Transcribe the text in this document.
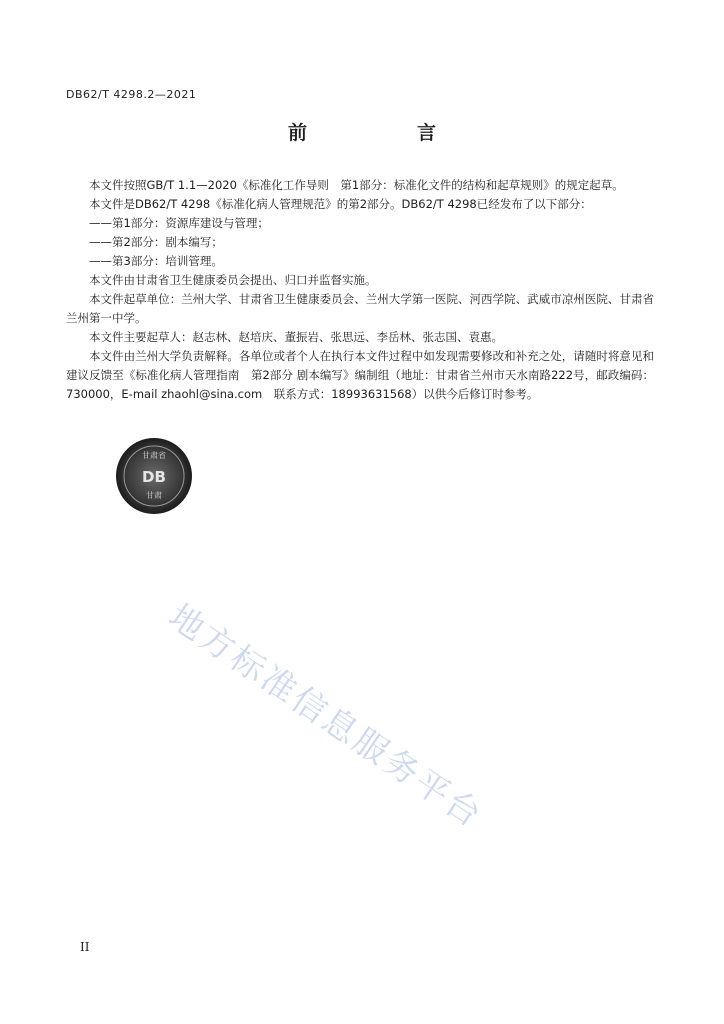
DB62/T 4298.2—2021
前　　言

本文件按照GB/T 1.1—2020《标准化工作导则　第1部分：标准化文件的结构和起草规则》的规定起草。

本文件是DB62/T 4298《标准化病人管理规范》的第2部分。DB62/T 4298已经发布了以下部分：

——第1部分：资源库建设与管理；

——第2部分：剧本编写；

——第3部分：培训管理。

本文件由甘肃省卫生健康委员会提出、归口并监督实施。

本文件起草单位：兰州大学、甘肃省卫生健康委员会、兰州大学第一医院、河西学院、武威市凉州医院、甘肃省兰州第一中学。

本文件主要起草人：赵志林、赵培庆、董振岩、张思远、李岳林、张志国、袁惠。

本文件由兰州大学负责解释。各单位或者个人在执行本文件过程中如发现需要修改和补充之处，请随时将意见和建议反馈至《标准化病人管理指南　第2部分 剧本编写》编制组（地址：甘肃省兰州市天水南路222号，邮政编码：730000，E-mail zhaohl@sina.com　联系方式：18993631568）以供今后修订时参考。

甘肃省
DB
甘肃
地方标准信息服务平台
II
